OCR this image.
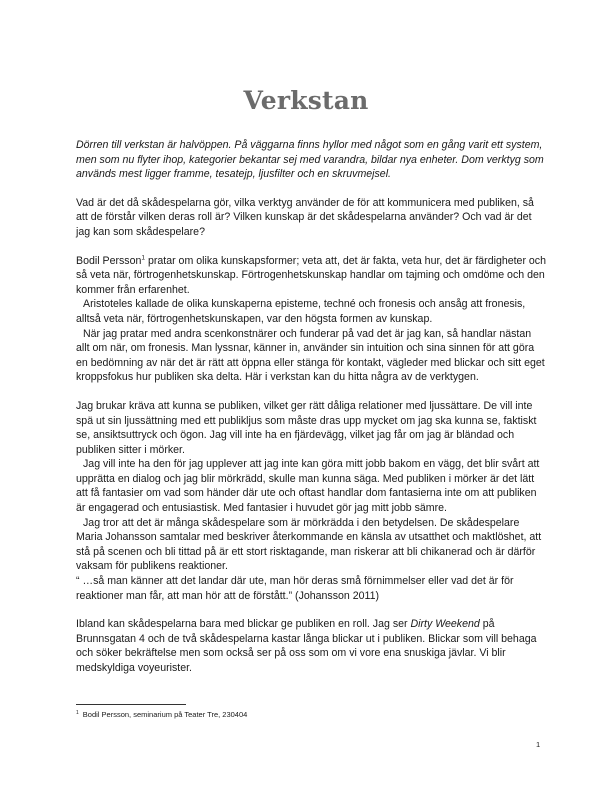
Verkstan

Dörren till verkstan är halvöppen. På väggarna finns hyllor med något som en gång varit ett system, men som nu flyter ihop, kategorier bekantar sej med varandra, bildar nya enheter. Dom verktyg som används mest ligger framme, tesatejp, ljusfilter och en skruvmejsel.

Vad är det då skådespelarna gör, vilka verktyg använder de för att kommunicera med publiken, så att de förstår vilken deras roll är? Vilken kunskap är det skådespelarna använder? Och vad är det jag kan som skådespelare?

Bodil Persson$^1$ pratar om olika kunskapsformer; veta att, det är fakta, veta hur, det är färdigheter och så veta när, förtrogenhetskunskap. Förtrogenhetskunskap handlar om tajming och omdöme och den kommer från erfarenhet.

Aristoteles kallade de olika kunskaperna episteme, techné och fronesis och ansåg att fronesis, alltså veta när, förtrogenhetskunskapen, var den högsta formen av kunskap.

När jag pratar med andra scenkonstnärer och funderar på vad det är jag kan, så handlar nästan allt om när, om fronesis. Man lyssnar, känner in, använder sin intuition och sina sinnen för att göra en bedömning av när det är rätt att öppna eller stänga för kontakt, vägleder med blickar och sitt eget kroppsfokus hur publiken ska delta. Här i verkstan kan du hitta några av de verktygen.

Jag brukar kräva att kunna se publiken, vilket ger rätt dåliga relationer med ljussättare. De vill inte spä ut sin ljussättning med ett publikljus som måste dras upp mycket om jag ska kunna se, faktiskt se, ansiktsuttryck och ögon. Jag vill inte ha en fjärdevägg, vilket jag får om jag är bländad och publiken sitter i mörker.

Jag vill inte ha den för jag upplever att jag inte kan göra mitt jobb bakom en vägg, det blir svårt att upprätta en dialog och jag blir mörkrädd, skulle man kunna säga. Med publiken i mörker är det lätt att få fantasier om vad som händer där ute och oftast handlar dom fantasierna inte om att publiken är engagerad och entusiastisk. Med fantasier i huvudet gör jag mitt jobb sämre.

Jag tror att det är många skådespelare som är mörkrädda i den betydelsen. De skådespelare Maria Johansson samtalar med beskriver återkommande en känsla av utsatthet och maktlöshet, att stå på scenen och bli tittad på är ett stort risktagande, man riskerar att bli chikanerad och är därför vaksam för publikens reaktioner.

“ …så man känner att det landar där ute, man hör deras små förnimmelser eller vad det är för reaktioner man får, att man hör att de förstått.” (Johansson 2011)

Ibland kan skådespelarna bara med blickar ge publiken en roll. Jag ser Dirty Weekend på Brunnsgatan 4 och de två skådespelarna kastar långa blickar ut i publiken. Blickar som vill behaga och söker bekräftelse men som också ser på oss som om vi vore ena snuskiga jävlar. Vi blir medskyldiga voyeurister.

$^1$ Bodil Persson, seminarium på Teater Tre, 230404
1
